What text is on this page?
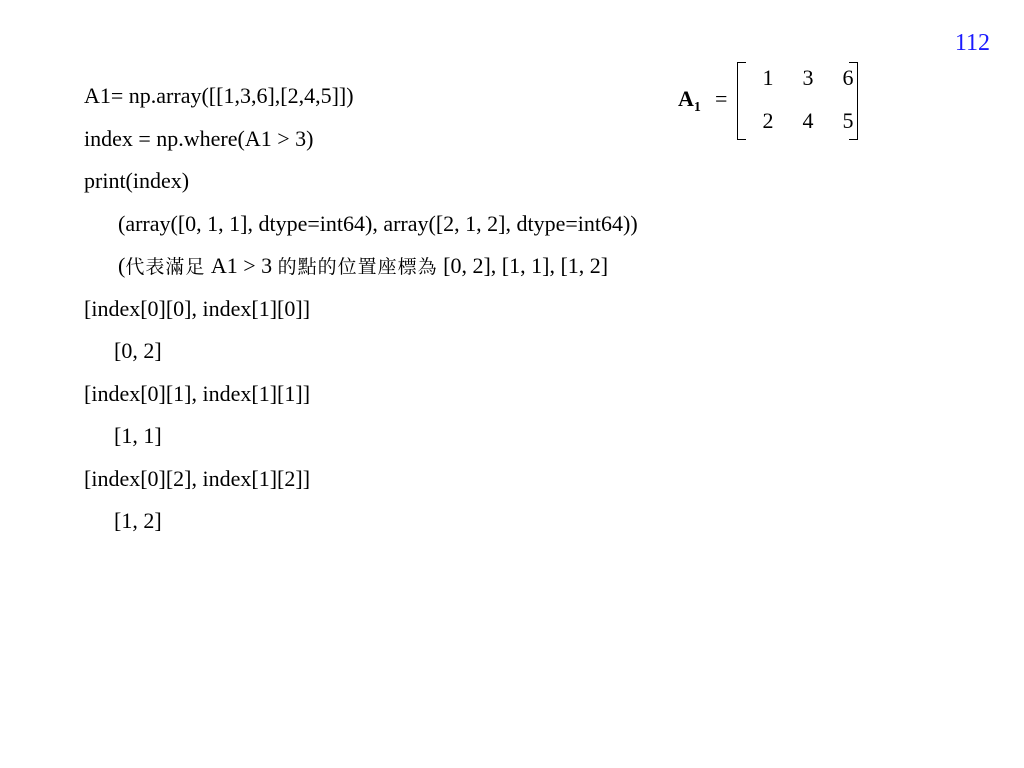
112
A1= np.array([[1,3,6],[2,4,5]])
index = np.where(A1 > 3)
print(index)
(array([0, 1, 1], dtype=int64), array([2, 1, 2], dtype=int64))
(代表滿足 A1 > 3 的點的位置座標為 [0, 2], [1, 1], [1, 2]
[index[0][0], index[1][0]]
[0, 2]
[index[0][1], index[1][1]]
[1, 1]
[index[0][2], index[1][2]]
[1, 2]
$A_1$ =
1	3	6
2	4	5
